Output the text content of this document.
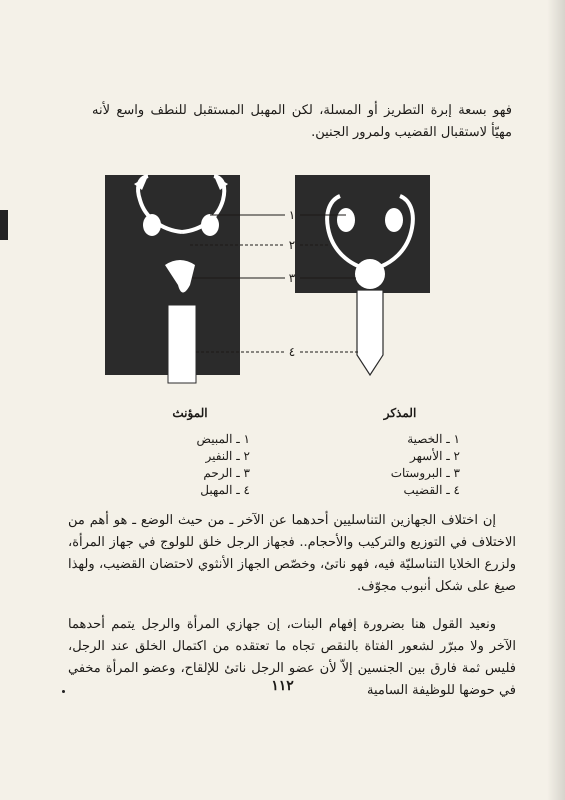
فهو بسعة إبرة التطريز أو المسلة، لكن المهبل المستقبل للنطف واسع لأنه مهيّأ لاستقبال القضيب ولمرور الجنين.

١
٢
٣
٤
المذكر
١ ـ الخصية
٢ ـ الأسهر
٣ ـ البروستات
٤ ـ القضيب
المؤنث
١ ـ المبيض
٢ ـ النفير
٣ ـ الرحم
٤ ـ المهبل

إن اختلاف الجهازين التناسليين أحدهما عن الآخر ـ من حيث الوضع ـ هو أهم من الاختلاف في التوزيع والتركيب والأحجام.. فجهاز الرجل خلق للولوج في جهاز المرأة، ولزرع الخلايا التناسليّة فيه، فهو ناتئ، وخصّص الجهاز الأنثوي لاحتضان القضيب، ولهذا صيغ على شكل أنبوب مجوّف.

ونعيد القول هنا بضرورة إفهام البنات، إن جهازي المرأة والرجل يتمم أحدهما الآخر ولا مبرّر لشعور الفتاة بالنقص تجاه ما تعتقده من اكتمال الخلق عند الرجل، فليس ثمة فارق بين الجنسين إلاّ لأن عضو الرجل ناتئ للإلقاح، وعضو المرأة مخفي في حوضها للوظيفة السامية

١١٢
